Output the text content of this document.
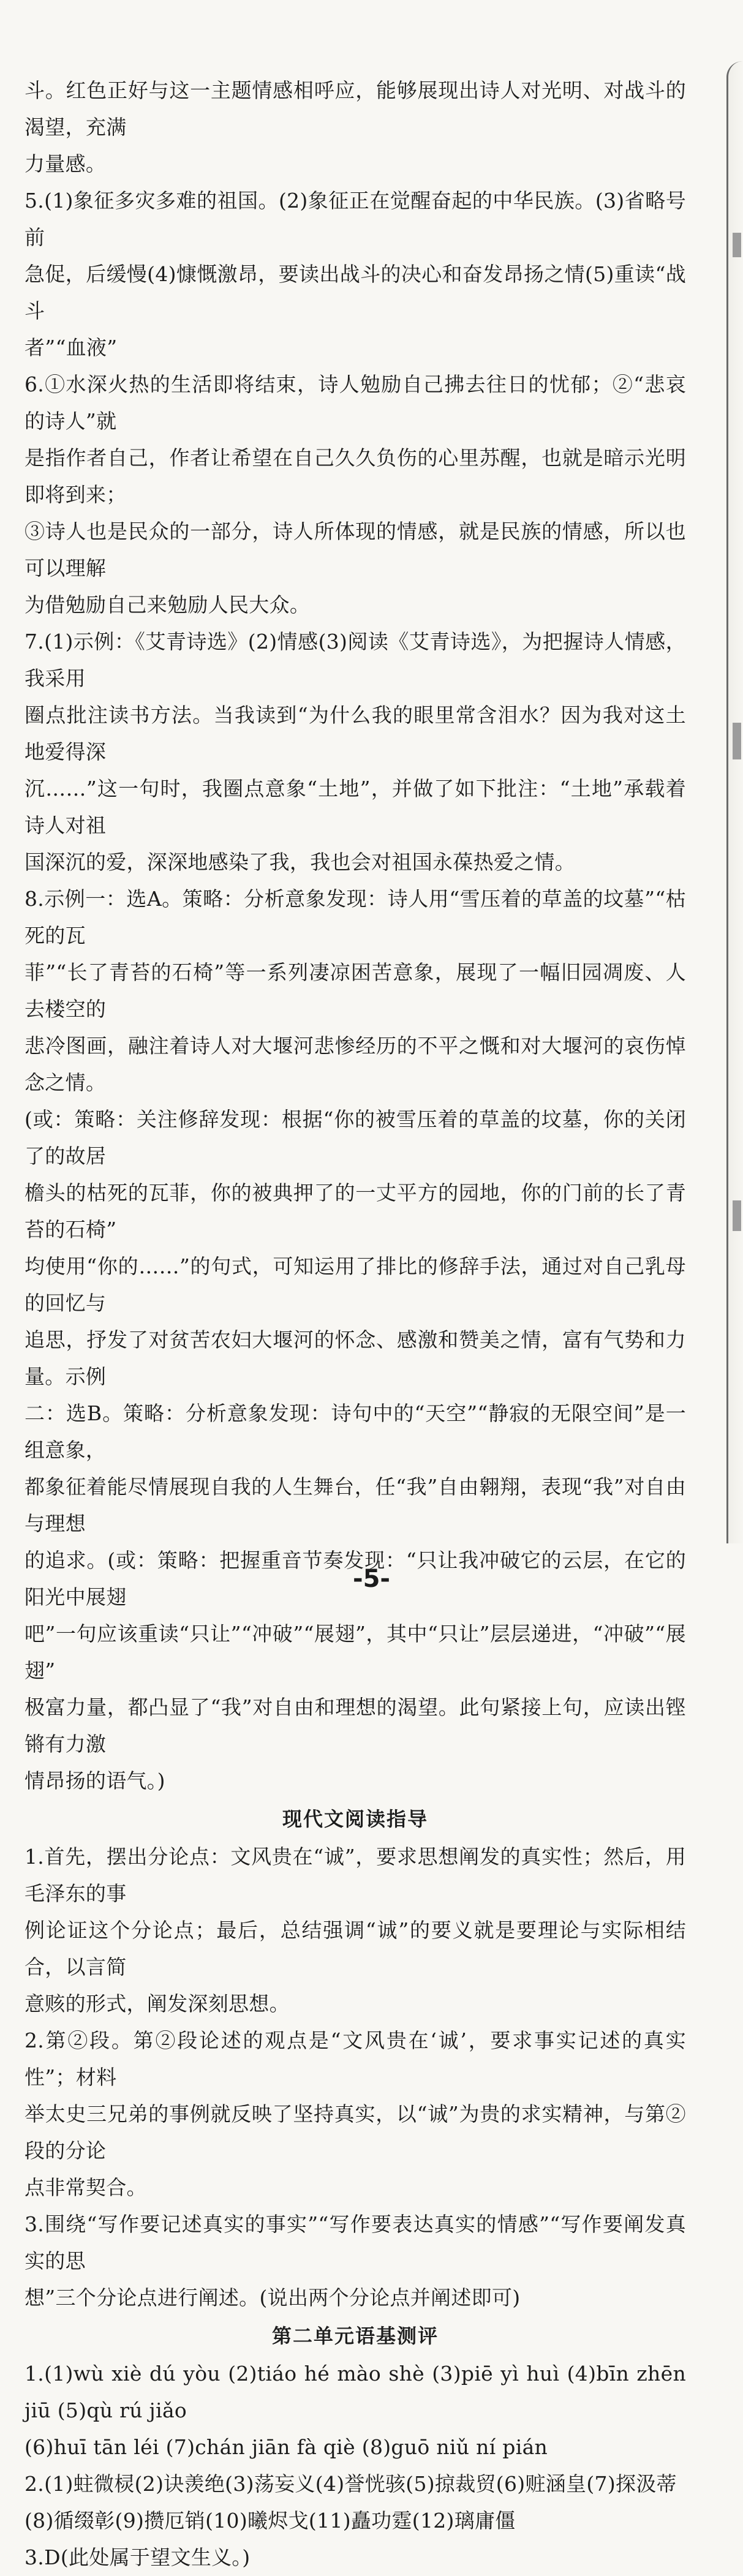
斗。红色正好与这一主题情感相呼应，能够展现出诗人对光明、对战斗的渴望，充满

力量感。

5.(1)象征多灾多难的祖国。(2)象征正在觉醒奋起的中华民族。(3)省略号前

急促，后缓慢(4)慷慨激昂，要读出战斗的决心和奋发昂扬之情(5)重读“战斗

者”“血液”

6.①水深火热的生活即将结束，诗人勉励自己拂去往日的忧郁；②“悲哀的诗人”就

是指作者自己，作者让希望在自己久久负伤的心里苏醒，也就是暗示光明即将到来；

③诗人也是民众的一部分，诗人所体现的情感，就是民族的情感，所以也可以理解

为借勉励自己来勉励人民大众。

7.(1)示例：《艾青诗选》(2)情感(3)阅读《艾青诗选》，为把握诗人情感，我采用

圈点批注读书方法。当我读到“为什么我的眼里常含泪水？因为我对这土地爱得深

沉……”这一句时，我圈点意象“土地”，并做了如下批注：“土地”承载着诗人对祖

国深沉的爱，深深地感染了我，我也会对祖国永葆热爱之情。

8.示例一：选A。策略：分析意象发现：诗人用“雪压着的草盖的坟墓”“枯死的瓦

菲”“长了青苔的石椅”等一系列凄凉困苦意象，展现了一幅旧园凋废、人去楼空的

悲冷图画，融注着诗人对大堰河悲惨经历的不平之慨和对大堰河的哀伤悼念之情。

(或：策略：关注修辞发现：根据“你的被雪压着的草盖的坟墓，你的关闭了的故居

檐头的枯死的瓦菲，你的被典押了的一丈平方的园地，你的门前的长了青苔的石椅”

均使用“你的……”的句式，可知运用了排比的修辞手法，通过对自己乳母的回忆与

追思，抒发了对贫苦农妇大堰河的怀念、感激和赞美之情，富有气势和力量。示例

二：选B。策略：分析意象发现：诗句中的“天空”“静寂的无限空间”是一组意象，

都象征着能尽情展现自我的人生舞台，任“我”自由翱翔，表现“我”对自由与理想

的追求。(或：策略：把握重音节奏发现：“只让我冲破它的云层，在它的阳光中展翅

吧”一句应该重读“只让”“冲破”“展翅”，其中“只让”层层递进，“冲破”“展翅”

极富力量，都凸显了“我”对自由和理想的渴望。此句紧接上句，应读出铿锵有力激

情昂扬的语气。)

现代文阅读指导

1.首先，摆出分论点：文风贵在“诚”，要求思想阐发的真实性；然后，用毛泽东的事

例论证这个分论点；最后，总结强调“诚”的要义就是要理论与实际相结合，以言简

意赅的形式，阐发深刻思想。

2.第②段。第②段论述的观点是“文风贵在‘诚’，要求事实记述的真实性”；材料

举太史三兄弟的事例就反映了坚持真实，以“诚”为贵的求实精神，与第②段的分论

点非常契合。

3.围绕“写作要记述真实的事实”“写作要表达真实的情感”“写作要阐发真实的思

想”三个分论点进行阐述。(说出两个分论点并阐述即可)

第二单元语基测评

1.(1)wù xiè dú yòu (2)tiáo hé mào shè (3)piē yì huì (4)bīn zhēn jiū (5)qù rú jiǎo

(6)huī tān léi (7)chán jiān fà qiè (8)guō niǔ ní pián

2.(1)蛀微棂(2)诀羡绝(3)荡妄义(4)誉恍骇(5)掠裁贸(6)赃涵皇(7)探汲蒂

(8)循缀彰(9)攒厄销(10)曦烬戈(11)矗功霆(12)璃庸僵

3.D(此处属于望文生义。)

-5-
